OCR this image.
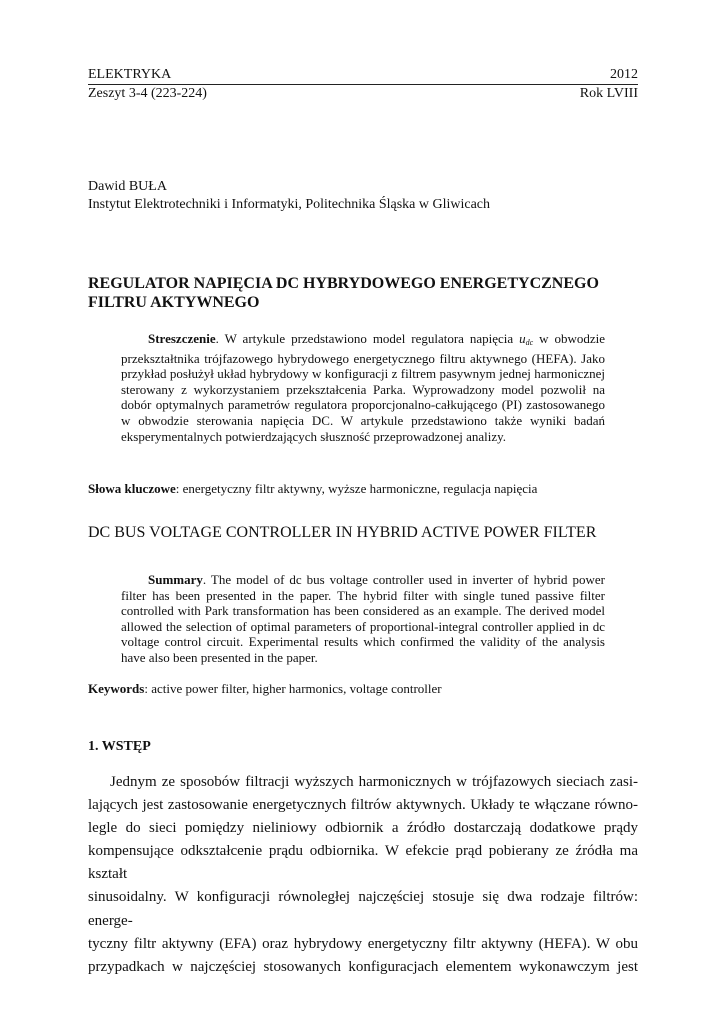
ELEKTRYKA	2012
Zeszyt 3-4 (223-224)	Rok LVIII
Dawid BUŁA
Instytut Elektrotechniki i Informatyki, Politechnika Śląska w Gliwicach
REGULATOR NAPIĘCIA DC HYBRYDOWEGO ENERGETYCZNEGO FILTRU AKTYWNEGO
Streszczenie. W artykule przedstawiono model regulatora napięcia $u_{dc}$ w obwodzie przekształtnika trójfazowego hybrydowego energetycznego filtru aktywnego (HEFA). Jako przykład posłużył układ hybrydowy w konfiguracji z filtrem pasywnym jednej harmonicznej sterowany z wykorzystaniem przekształcenia Parka. Wyprowadzony model pozwolił na dobór optymalnych parametrów regulatora proporcjonalno-całkującego (PI) zastosowanego w obwodzie sterowania napięcia DC. W artykule przedstawiono także wyniki badań eksperymentalnych potwierdzających słuszność przeprowadzonej analizy.
Słowa kluczowe: energetyczny filtr aktywny, wyższe harmoniczne, regulacja napięcia
DC BUS VOLTAGE CONTROLLER IN HYBRID ACTIVE POWER FILTER
Summary. The model of dc bus voltage controller used in inverter of hybrid power filter has been presented in the paper. The hybrid filter with single tuned passive filter controlled with Park transformation has been considered as an example. The derived model allowed the selection of optimal parameters of proportional-integral controller applied in dc voltage control circuit. Experimental results which confirmed the validity of the analysis have also been presented in the paper.
Keywords: active power filter, higher harmonics, voltage controller
1. WSTĘP
Jednym ze sposobów filtracji wyższych harmonicznych w trójfazowych sieciach zasi-
lających jest zastosowanie energetycznych filtrów aktywnych. Układy te włączane równo-
legle do sieci pomiędzy nieliniowy odbiornik a źródło dostarczają dodatkowe prądy
kompensujące odkształcenie prądu odbiornika. W efekcie prąd pobierany ze źródła ma kształt
sinusoidalny. W konfiguracji równoległej najczęściej stosuje się dwa rodzaje filtrów: energe-
tyczny filtr aktywny (EFA) oraz hybrydowy energetyczny filtr aktywny (HEFA). W obu
przypadkach w najczęściej stosowanych konfiguracjach elementem wykonawczym jest
